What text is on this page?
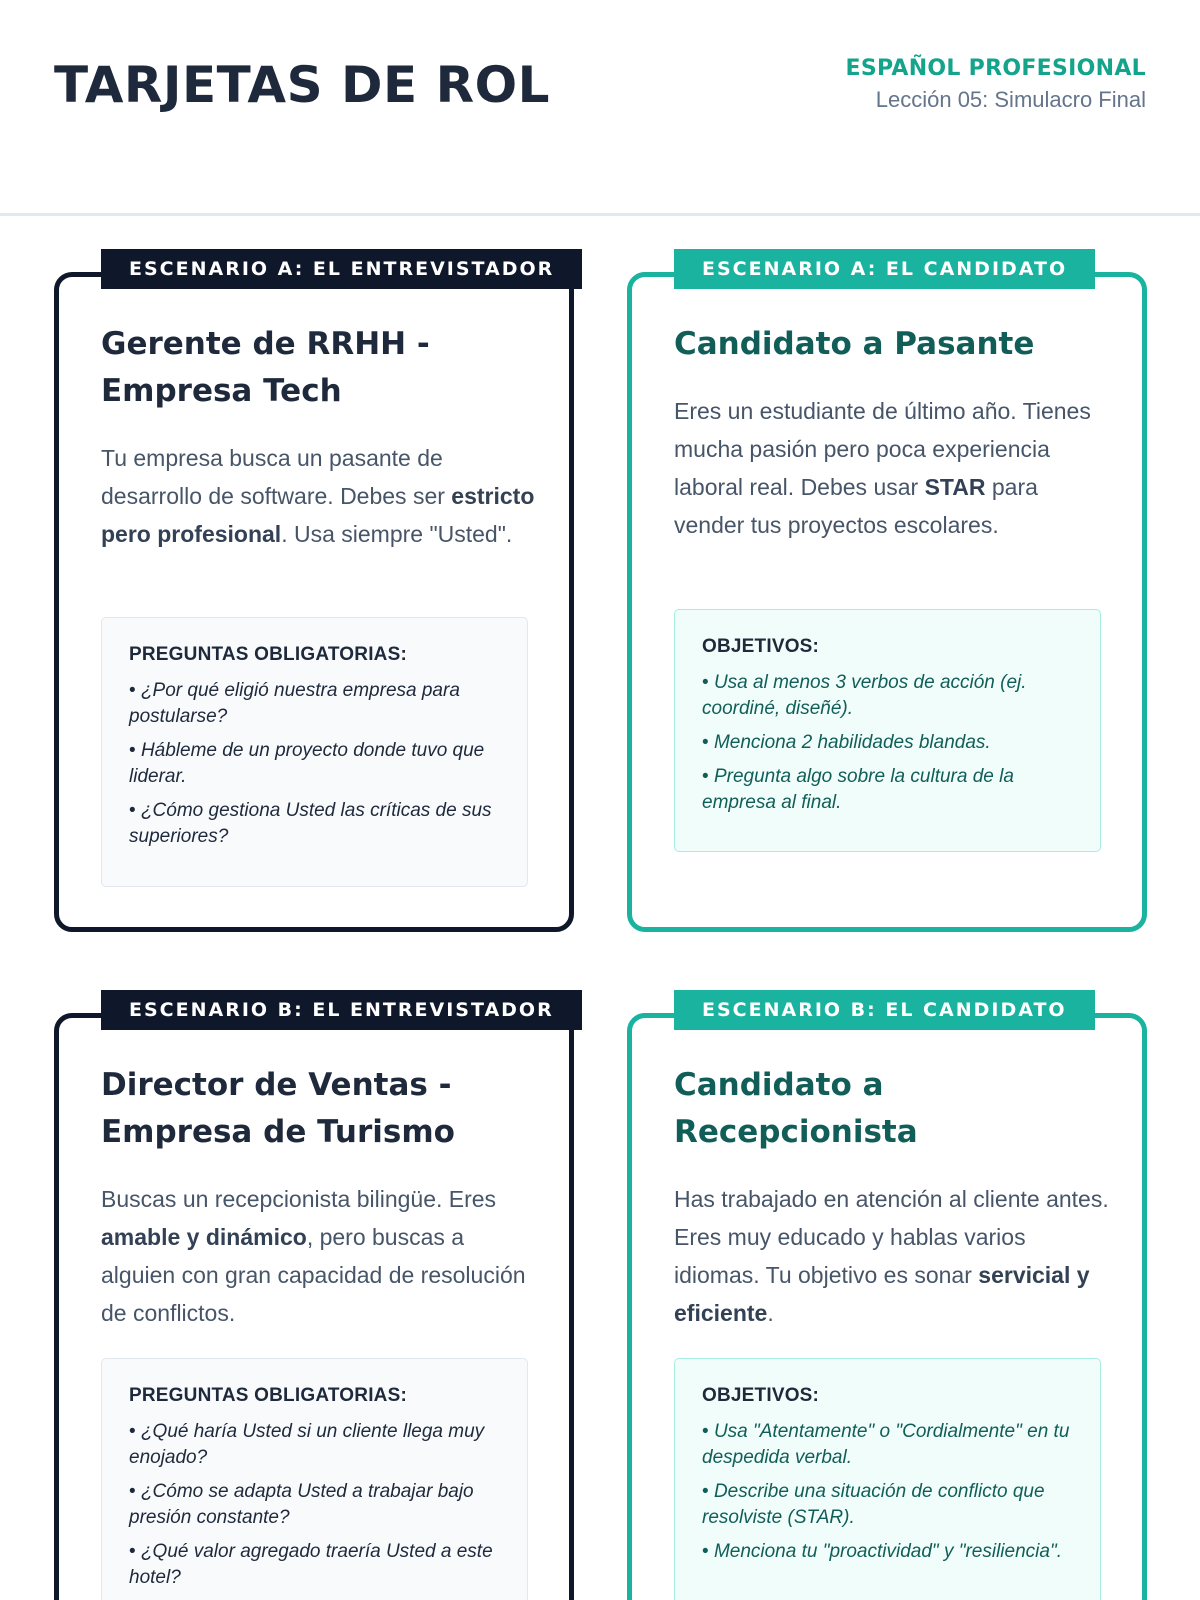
TARJETAS DE ROL	ESPAÑOL PROFESIONAL
Lección 05: Simulacro Final
ESCENARIO A: EL ENTREVISTADOR
Gerente de RRHH - Empresa Tech
Tu empresa busca un pasante de desarrollo de software. Debes ser estricto pero profesional. Usa siempre "Usted".
PREGUNTAS OBLIGATORIAS:
• ¿Por qué eligió nuestra empresa para postularse?
• Hábleme de un proyecto donde tuvo que liderar.
• ¿Cómo gestiona Usted las críticas de sus superiores?
ESCENARIO A: EL CANDIDATO
Candidato a Pasante
Eres un estudiante de último año. Tienes mucha pasión pero poca experiencia laboral real. Debes usar STAR para vender tus proyectos escolares.
OBJETIVOS:
• Usa al menos 3 verbos de acción (ej. coordiné, diseñé).
• Menciona 2 habilidades blandas.
• Pregunta algo sobre la cultura de la empresa al final.
ESCENARIO B: EL ENTREVISTADOR
Director de Ventas - Empresa de Turismo
Buscas un recepcionista bilingüe. Eres amable y dinámico, pero buscas a alguien con gran capacidad de resolución de conflictos.
PREGUNTAS OBLIGATORIAS:
• ¿Qué haría Usted si un cliente llega muy enojado?
• ¿Cómo se adapta Usted a trabajar bajo presión constante?
• ¿Qué valor agregado traería Usted a este hotel?
ESCENARIO B: EL CANDIDATO
Candidato a Recepcionista
Has trabajado en atención al cliente antes. Eres muy educado y hablas varios idiomas. Tu objetivo es sonar servicial y eficiente.
OBJETIVOS:
• Usa "Atentamente" o "Cordialmente" en tu despedida verbal.
• Describe una situación de conflicto que resolviste (STAR).
• Menciona tu "proactividad" y "resiliencia".
